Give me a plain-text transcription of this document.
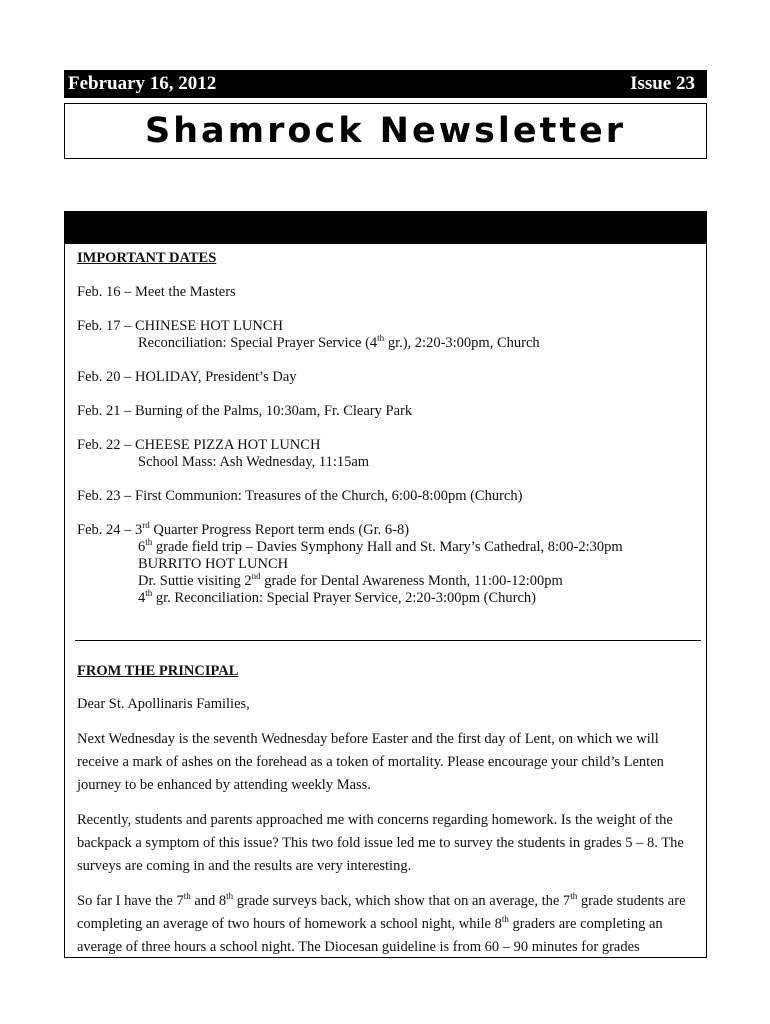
February 16, 2012	Issue 23
Shamrock Newsletter

IMPORTANT DATES

Feb. 16 – Meet the Masters

Feb. 17 – CHINESE HOT LUNCH

Reconciliation: Special Prayer Service (4th gr.), 2:20-3:00pm, Church

Feb. 20 – HOLIDAY, President’s Day

Feb. 21 – Burning of the Palms, 10:30am, Fr. Cleary Park

Feb. 22 – CHEESE PIZZA HOT LUNCH

School Mass: Ash Wednesday, 11:15am

Feb. 23 – First Communion: Treasures of the Church, 6:00-8:00pm (Church)

Feb. 24 – 3rd Quarter Progress Report term ends (Gr. 6-8)

6th grade field trip – Davies Symphony Hall and St. Mary’s Cathedral, 8:00-2:30pm

BURRITO HOT LUNCH

Dr. Suttie visiting 2nd grade for Dental Awareness Month, 11:00-12:00pm

4th gr. Reconciliation: Special Prayer Service, 2:20-3:00pm (Church)

FROM THE PRINCIPAL

Dear St. Apollinaris Families,

Next Wednesday is the seventh Wednesday before Easter and the first day of Lent, on which we will receive a mark of ashes on the forehead as a token of mortality. Please encourage your child’s Lenten journey to be enhanced by attending weekly Mass.

Recently, students and parents approached me with concerns regarding homework. Is the weight of the backpack a symptom of this issue? This two fold issue led me to survey the students in grades 5 – 8. The surveys are coming in and the results are very interesting.

So far I have the 7th and 8th grade surveys back, which show that on an average, the 7th grade students are completing an average of two hours of homework a school night, while 8th graders are completing an average of three hours a school night. The Diocesan guideline is from 60 – 90 minutes for grades
